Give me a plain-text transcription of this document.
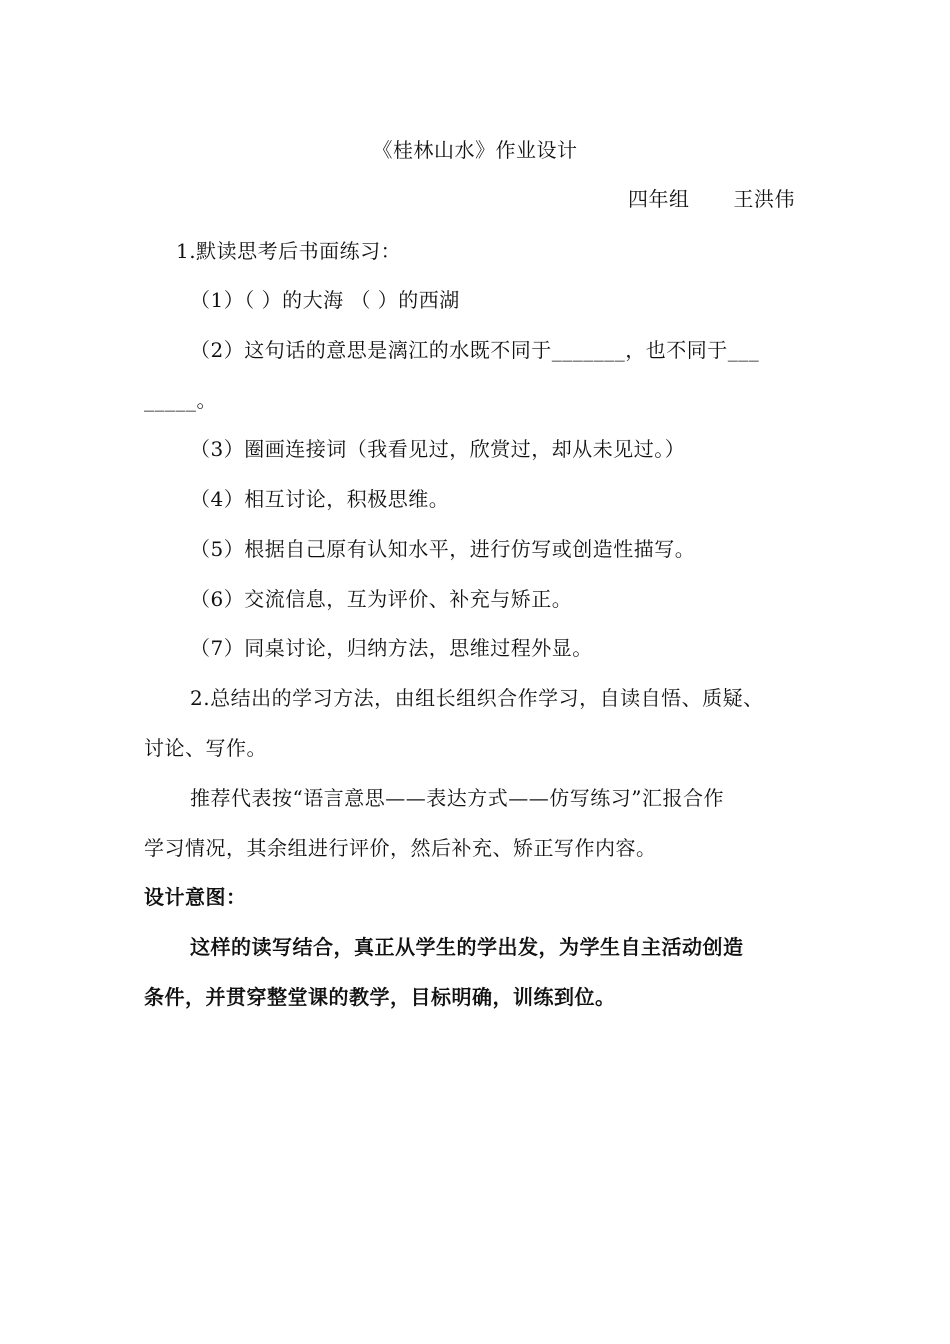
《桂林山水》作业设计
四年组 王洪伟
1.默读思考后书面练习：
（1）（ ）的大海 （ ）的西湖
（2）这句话的意思是漓江的水既不同于_______，也不同于___
_____。
（3）圈画连接词（我看见过，欣赏过，却从未见过。）
（4）相互讨论，积极思维。
（5）根据自己原有认知水平，进行仿写或创造性描写。
（6）交流信息，互为评价、补充与矫正。
（7）同桌讨论，归纳方法，思维过程外显。
2.总结出的学习方法，由组长组织合作学习，自读自悟、质疑、
讨论、写作。
推荐代表按“语言意思——表达方式——仿写练习”汇报合作
学习情况，其余组进行评价，然后补充、矫正写作内容。
设计意图：
这样的读写结合，真正从学生的学出发，为学生自主活动创造
条件，并贯穿整堂课的教学，目标明确，训练到位。
